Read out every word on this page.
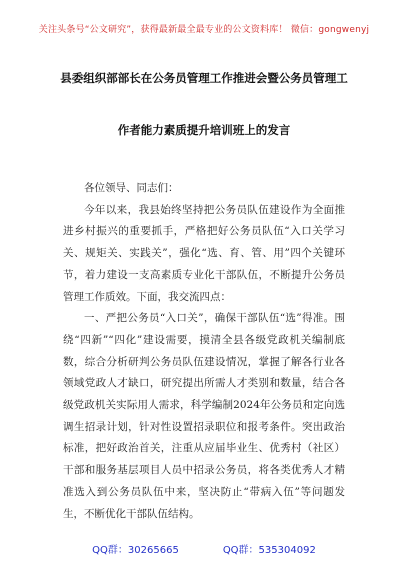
关注头条号“公文研究”，获得最新最全最专业的公文资料库！ 微信：gongwenyj
县委组织部部长在公务员管理工作推进会暨公务员管理工
作者能力素质提升培训班上的发言

各位领导、同志们：

今年以来，我县始终坚持把公务员队伍建设作为全面推进乡村振兴的重要抓手，严格把好公务员队伍“入口关学习关、规矩关、实践关”，强化“选、育、管、用”四个关键环节，着力建设一支高素质专业化干部队伍，不断提升公务员管理工作质效。下面，我交流四点：

一、严把公务员“入口关”，确保干部队伍“选”得准。围绕“四新”“四化”建设需要，摸清全县各级党政机关编制底数，综合分析研判公务员队伍建设情况，掌握了解各行业各领域党政人才缺口，研究提出所需人才类别和数量，结合各级党政机关实际用人需求，科学编制2024年公务员和定向选调生招录计划，针对性设置招录职位和报考条件。突出政治标准，把好政治首关，注重从应届毕业生、优秀村（社区）干部和服务基层项目人员中招录公务员，将各类优秀人才精准选入到公务员队伍中来，坚决防止“带病入伍”等问题发生，不断优化干部队伍结构。

QQ群：30265665	QQ群：535304092
